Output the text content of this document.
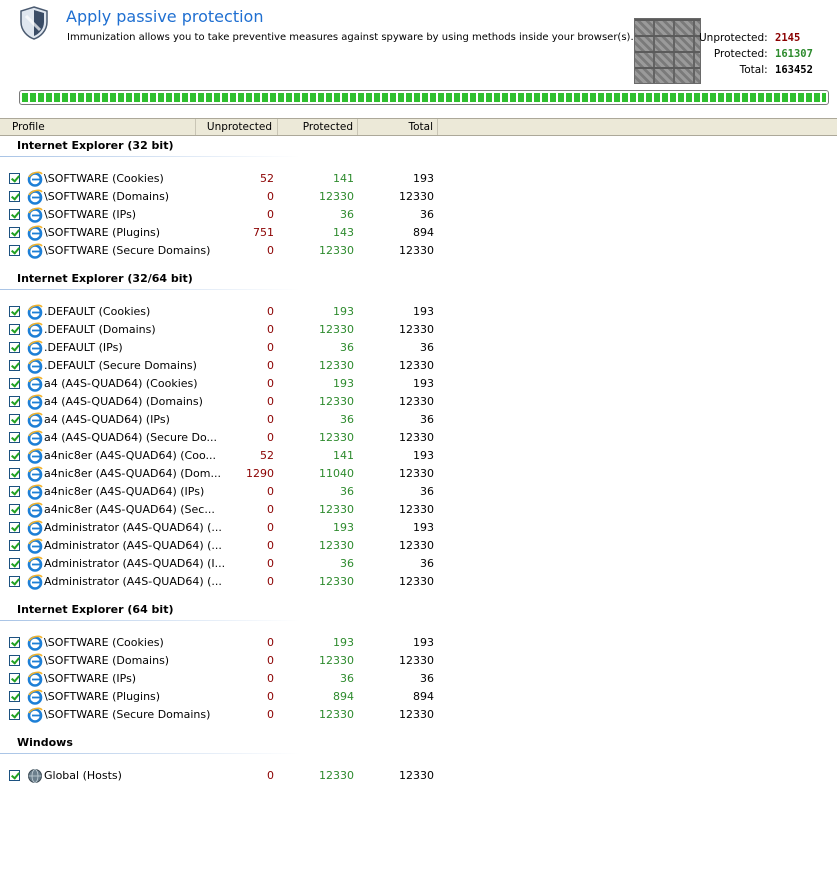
Apply passive protection
Immunization allows you to take preventive measures against spyware by using methods inside your browser(s).	Unprotected: 2145
Protected: 161307
Total: 163452
Profile	Unprotected	Protected	Total
Internet Explorer (32 bit)
\SOFTWARE (Cookies)	52	141	193
\SOFTWARE (Domains)	0	12330	12330
\SOFTWARE (IPs)	0	36	36
\SOFTWARE (Plugins)	751	143	894
\SOFTWARE (Secure Domains)	0	12330	12330
Internet Explorer (32/64 bit)
.DEFAULT (Cookies)	0	193	193
.DEFAULT (Domains)	0	12330	12330
.DEFAULT (IPs)	0	36	36
.DEFAULT (Secure Domains)	0	12330	12330
a4 (A4S-QUAD64) (Cookies)	0	193	193
a4 (A4S-QUAD64) (Domains)	0	12330	12330
a4 (A4S-QUAD64) (IPs)	0	36	36
a4 (A4S-QUAD64) (Secure Do...	0	12330	12330
a4nic8er (A4S-QUAD64) (Coo...	52	141	193
a4nic8er (A4S-QUAD64) (Dom...	1290	11040	12330
a4nic8er (A4S-QUAD64) (IPs)	0	36	36
a4nic8er (A4S-QUAD64) (Sec...	0	12330	12330
Administrator (A4S-QUAD64) (...	0	193	193
Administrator (A4S-QUAD64) (...	0	12330	12330
Administrator (A4S-QUAD64) (I...	0	36	36
Administrator (A4S-QUAD64) (...	0	12330	12330
Internet Explorer (64 bit)
\SOFTWARE (Cookies)	0	193	193
\SOFTWARE (Domains)	0	12330	12330
\SOFTWARE (IPs)	0	36	36
\SOFTWARE (Plugins)	0	894	894
\SOFTWARE (Secure Domains)	0	12330	12330
Windows
Global (Hosts)	0	12330	12330
